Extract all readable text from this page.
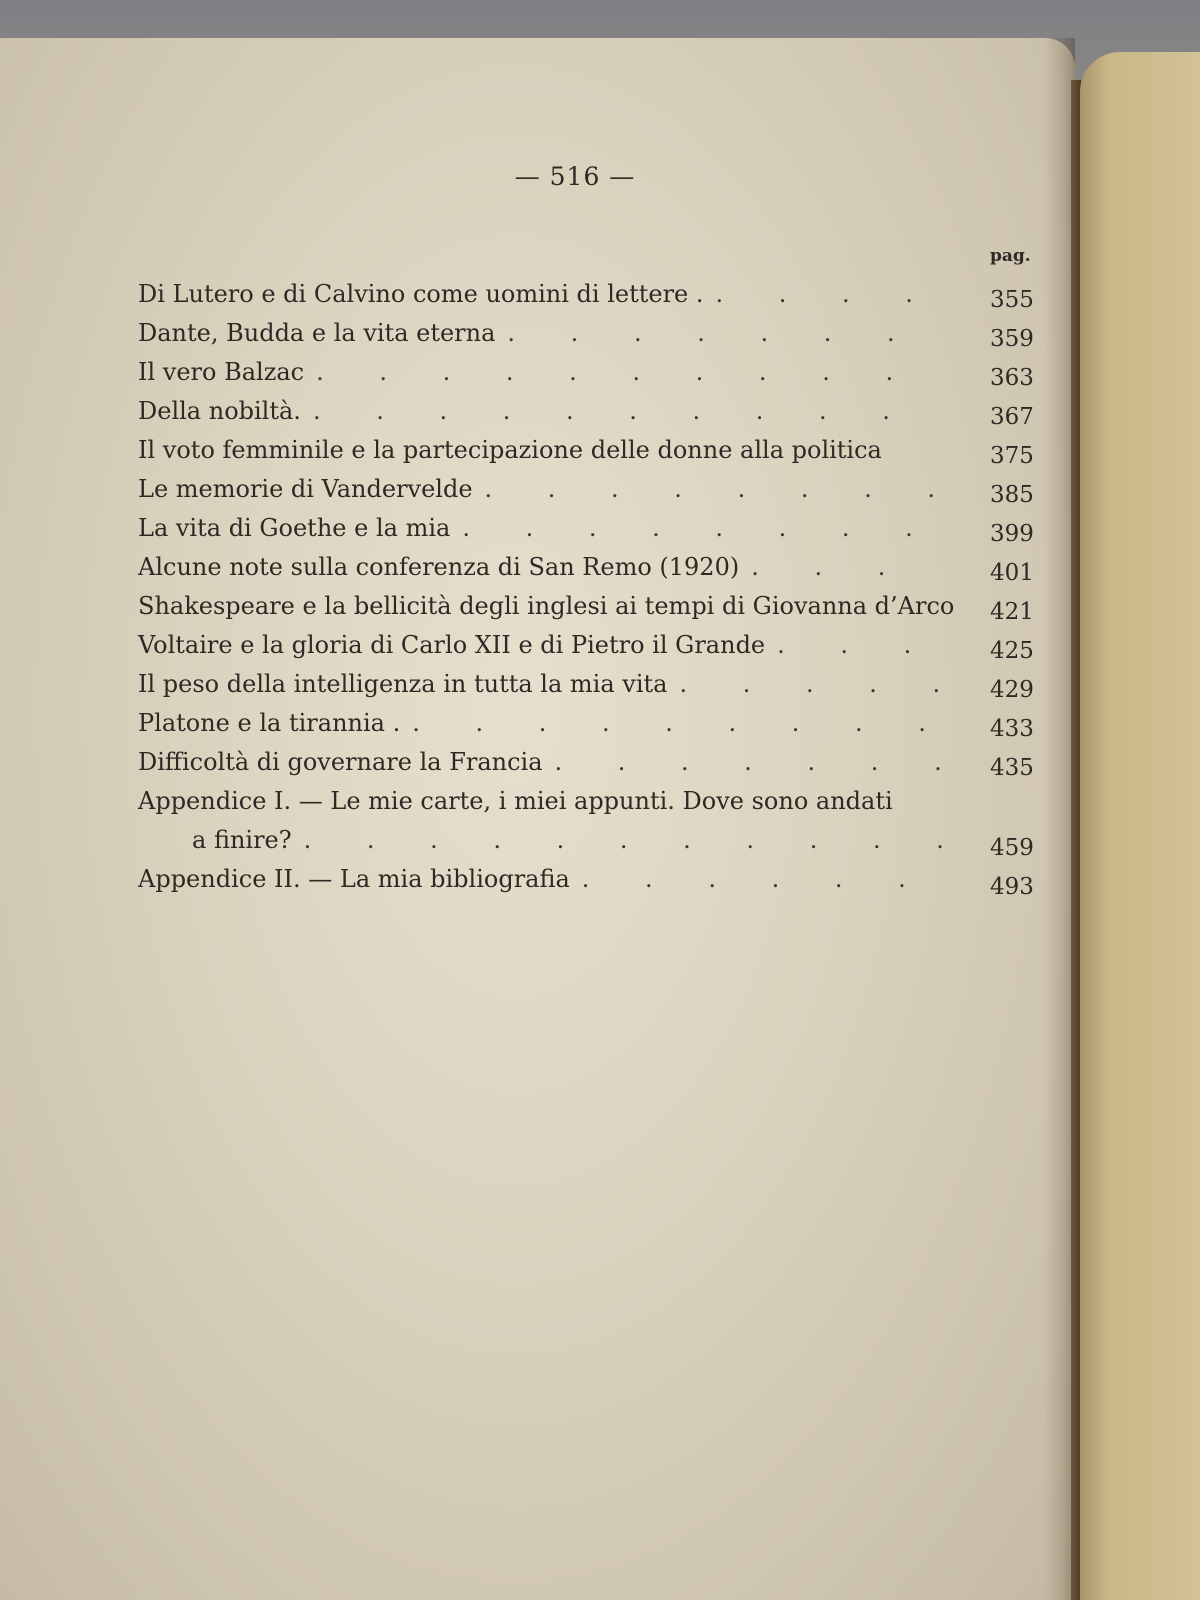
— 516 —
pag.
Di Lutero e di Calvino come uomini di lettere . . . .	355
Dante, Budda e la vita eterna . . .	359
Il vero Balzac . . .	363
Della nobiltà. . . .	367
Il voto femminile e la partecipazione delle donne alla politica	375
Le memorie di Vandervelde . . .	385
La vita di Goethe e la mia . . .	399
Alcune note sulla conferenza di San Remo (1920) . . .	401
Shakespeare e la bellicità degli inglesi ai tempi di Giovanna d’Arco 421
Voltaire e la gloria di Carlo XII e di Pietro il Grande . . .	425
Il peso della intelligenza in tutta la mia vita . . .	429
Platone e la tirannia . . . .	433
Difficoltà di governare la Francia . . .	435
Appendice I. — Le mie carte, i miei appunti. Dove sono andati
a finire? . . .	459
Appendice II. — La mia bibliografia . . .	493
